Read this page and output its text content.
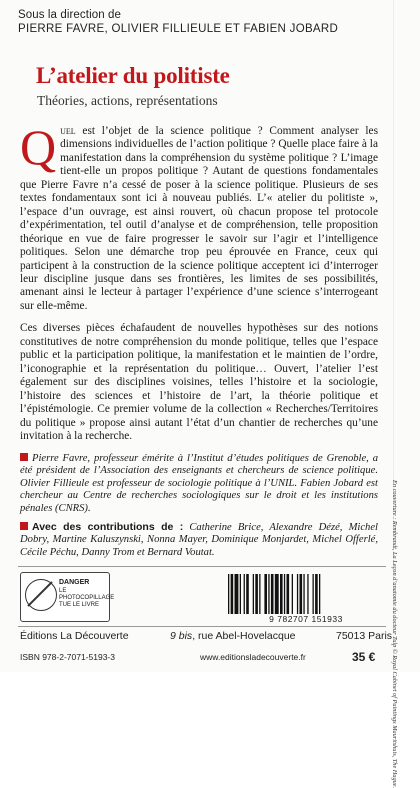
Sous la direction de
PIERRE FAVRE, OLIVIER FILLIEULE ET FABIEN JOBARD
L’atelier du politiste
Théories, actions, représentations

Quel est l’objet de la science politique ? Comment analyser les dimensions individuelles de l’action politique ? Quelle place faire à la manifestation dans la compréhension du système politique ? L’image tient-elle un propos politique ? Autant de questions fondamentales que Pierre Favre n’a cessé de poser à la science politique. Plusieurs de ses textes fondamentaux sont ici à nouveau publiés. L’« atelier du politiste », l’espace d’un ouvrage, est ainsi rouvert, où chacun propose tel protocole d’expérimentation, tel outil d’analyse et de compréhension, telle proposition théorique en vue de faire progresser le savoir sur l’agir et l’intelligence politiques. Selon une démarche trop peu éprouvée en France, ceux qui participent à la construction de la science politique acceptent ici d’interroger leur discipline jusque dans ses frontières, les limites de ses possibilités, amenant ainsi le lecteur à partager l’expérience d’une science s’interrogeant sur elle-même.

Ces diverses pièces échafaudent de nouvelles hypothèses sur des notions constitutives de notre compréhension du monde politique, telles que l’espace public et la participation politique, la manifestation et le maintien de l’ordre, l’iconographie et la représentation du politique… Ouvert, l’atelier l’est également sur des disciplines voisines, telles l’histoire et la sociologie, l’histoire des sciences et l’histoire de l’art, la théorie politique et l’épistémologie. Ce premier volume de la collection « Recherches/Territoires du politique » propose ainsi autant l’état d’un chantier de recherches qu’une invitation à la recherche.

Pierre Favre, professeur émérite à l’Institut d’études politiques de Grenoble, a été président de l’Association des enseignants et chercheurs de science politique. Olivier Fillieule est professeur de sociologie politique à l’UNIL. Fabien Jobard est chercheur au Centre de recherches sociologiques sur le droit et les institutions pénales (CNRS).

Avec des contributions de : Catherine Brice, Alexandre Dézé, Michel Dobry, Martine Kaluszynski, Nonna Mayer, Dominique Monjardet, Michel Offerlé, Cécile Péchu, Danny Trom et Bernard Voutat.

DANGER
LE PHOTOCOPILLAGE TUE LE LIVRE
9 782707 151933
Éditions La Découverte
ISBN 978-2-7071-5193-3
9 bis, rue Abel-Hovelacque
www.editionsladecouverte.fr
75013 Paris
35 €	En couverture : Rembrandt, La Leçon d’anatomie du docteur Tulp © Royal Cabinet of Paintings Mauritshuis, The Hague.
